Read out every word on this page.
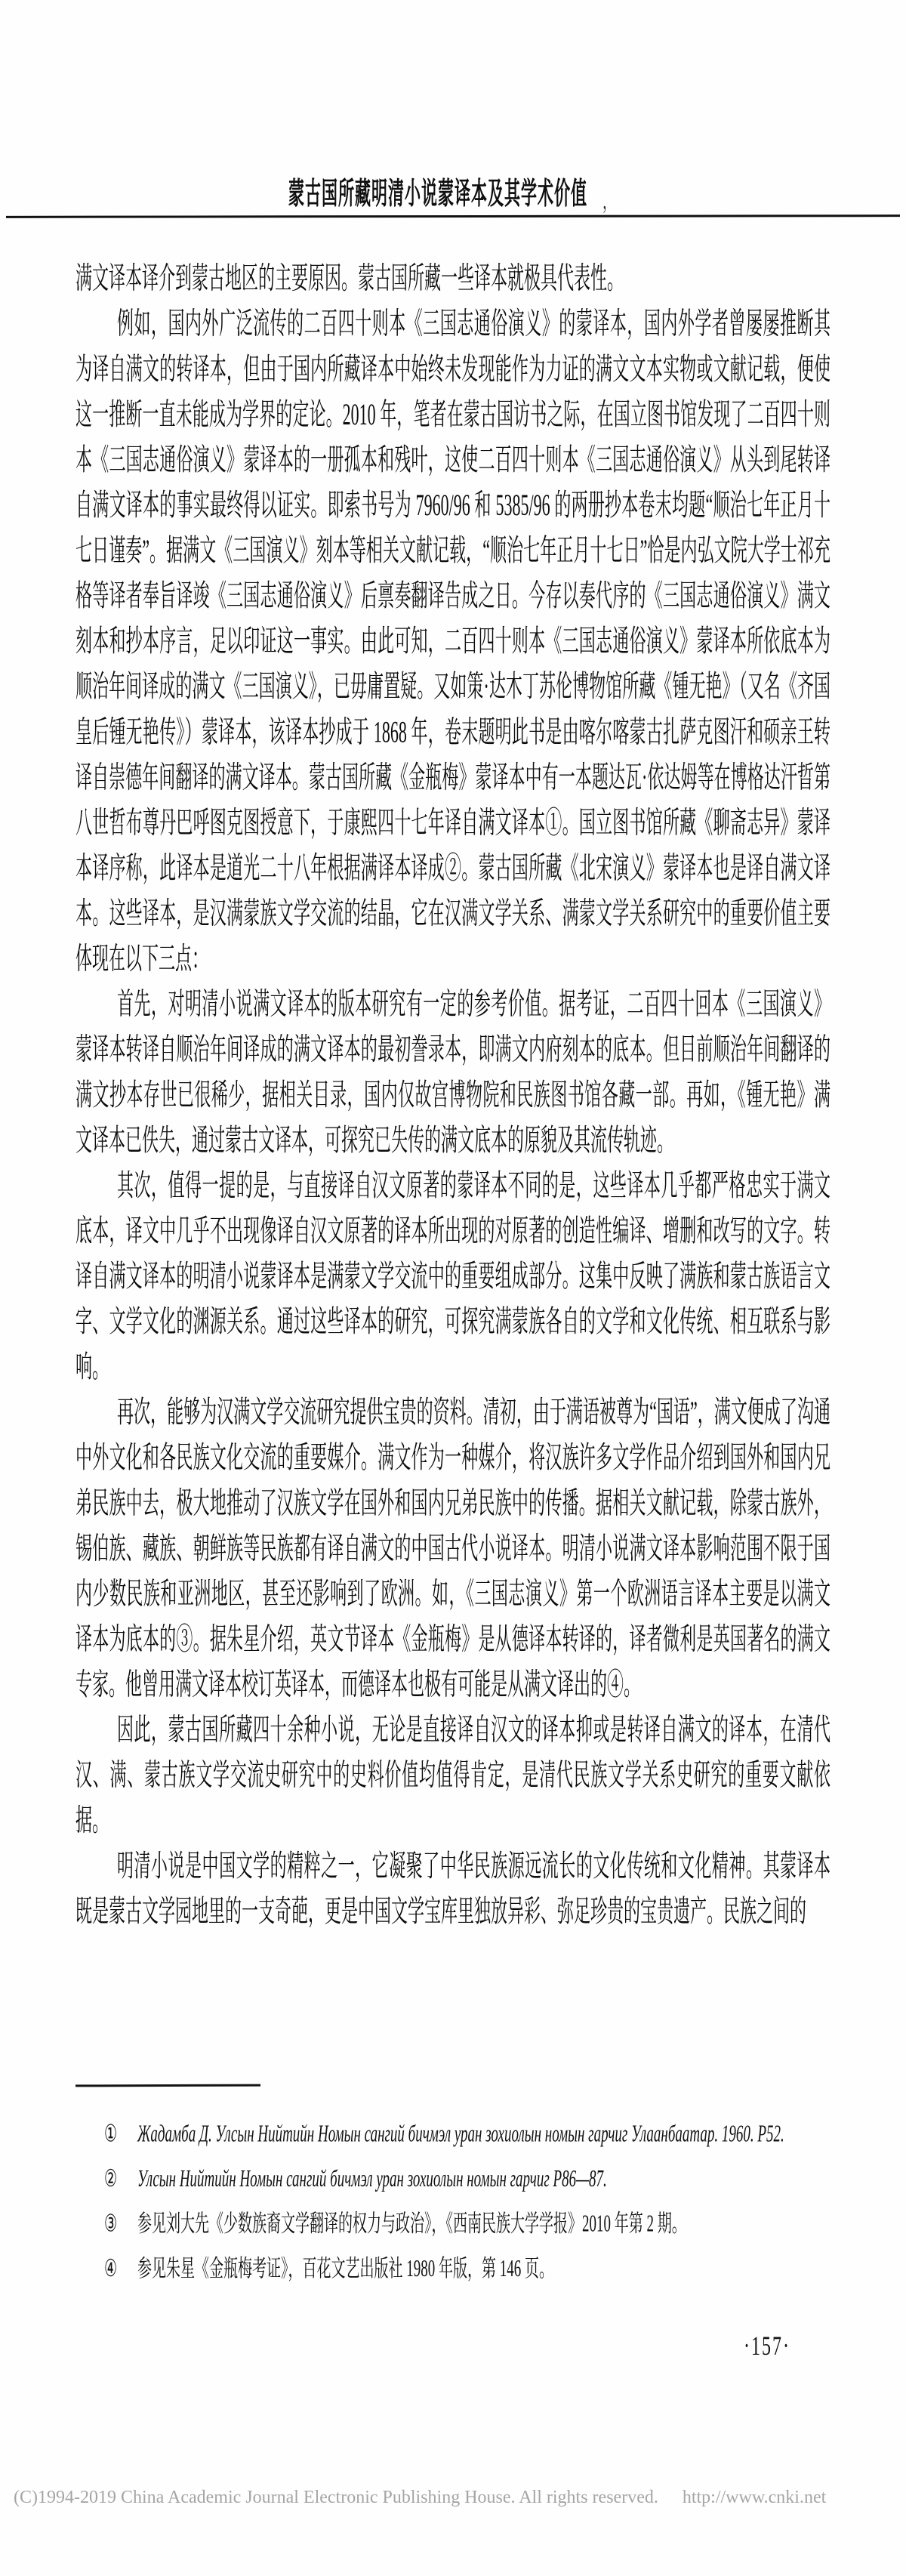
蒙古国所藏明清小说蒙译本及其学术价值	，

满文译本译介到蒙古地区的主要原因。蒙古国所藏一些译本就极具代表性。

例如，国内外广泛流传的二百四十则本《三国志通俗演义》的蒙译本，国内外学者曾屡屡推断其为译自满文的转译本，但由于国内所藏译本中始终未发现能作为力证的满文文本实物或文献记载，便使这一推断一直未能成为学界的定论。2010 年，笔者在蒙古国访书之际，在国立图书馆发现了二百四十则本《三国志通俗演义》蒙译本的一册孤本和残叶，这使二百四十则本《三国志通俗演义》从头到尾转译自满文译本的事实最终得以证实。即索书号为 7960/96 和 5385/96 的两册抄本卷末均题“顺治七年正月十七日谨奏”。据满文《三国演义》刻本等相关文献记载，“顺治七年正月十七日”恰是内弘文院大学士祁充格等译者奉旨译竣《三国志通俗演义》后禀奏翻译告成之日。今存以奏代序的《三国志通俗演义》满文刻本和抄本序言，足以印证这一事实。由此可知，二百四十则本《三国志通俗演义》蒙译本所依底本为顺治年间译成的满文《三国演义》，已毋庸置疑。又如策·达木丁苏伦博物馆所藏《锺无艳》（又名《齐国皇后锺无艳传》）蒙译本，该译本抄成于 1868 年，卷末题明此书是由喀尔喀蒙古扎萨克图汗和硕亲王转译自崇德年间翻译的满文译本。蒙古国所藏《金瓶梅》蒙译本中有一本题达瓦·依达姆等在博格达汗晢第八世哲布尊丹巴呼图克图授意下，于康熙四十七年译自满文译本①。国立图书馆所藏《聊斋志异》蒙译本译序称，此译本是道光二十八年根据满译本译成②。蒙古国所藏《北宋演义》蒙译本也是译自满文译本。这些译本，是汉满蒙族文学交流的结晶，它在汉满文学关系、满蒙文学关系研究中的重要价值主要体现在以下三点：

首先，对明清小说满文译本的版本研究有一定的参考价值。据考证，二百四十回本《三国演义》蒙译本转译自顺治年间译成的满文译本的最初誊录本，即满文内府刻本的底本。但目前顺治年间翻译的满文抄本存世已很稀少，据相关目录，国内仅故宫博物院和民族图书馆各藏一部。再如，《锺无艳》满文译本已佚失，通过蒙古文译本，可探究已失传的满文底本的原貌及其流传轨迹。

其次，值得一提的是，与直接译自汉文原著的蒙译本不同的是，这些译本几乎都严格忠实于满文底本，译文中几乎不出现像译自汉文原著的译本所出现的对原著的创造性编译、增删和改写的文字。转译自满文译本的明清小说蒙译本是满蒙文学交流中的重要组成部分。这集中反映了满族和蒙古族语言文字、文学文化的渊源关系。通过这些译本的研究，可探究满蒙族各自的文学和文化传统、相互联系与影响。

再次，能够为汉满文学交流研究提供宝贵的资料。清初，由于满语被尊为“国语”，满文便成了沟通中外文化和各民族文化交流的重要媒介。满文作为一种媒介，将汉族许多文学作品介绍到国外和国内兄弟民族中去，极大地推动了汉族文学在国外和国内兄弟民族中的传播。据相关文献记载，除蒙古族外，锡伯族、藏族、朝鲜族等民族都有译自满文的中国古代小说译本。明清小说满文译本影响范围不限于国内少数民族和亚洲地区，甚至还影响到了欧洲。如，《三国志演义》第一个欧洲语言译本主要是以满文译本为底本的③。据朱星介绍，英文节译本《金瓶梅》是从德译本转译的，译者微利是英国著名的满文专家。他曾用满文译本校订英译本，而德译本也极有可能是从满文译出的④。

因此，蒙古国所藏四十余种小说，无论是直接译自汉文的译本抑或是转译自满文的译本，在清代汉、满、蒙古族文学交流史研究中的史料价值均值得肯定，是清代民族文学关系史研究的重要文献依据。

明清小说是中国文学的精粹之一，它凝聚了中华民族源远流长的文化传统和文化精神。其蒙译本既是蒙古文学园地里的一支奇葩，更是中国文学宝库里独放异彩、弥足珍贵的宝贵遗产。民族之间的

①	Жадамба Д. Улсын Нийтийн Номын сангий бичмэл уран зохиолын номын гарчиг Улаанбаатар. 1960. P52.
②	Улсын Нийтийн Номын сангий бичмэл уран зохиолын номын гарчиг P86—87.
③	参见刘大先《少数族裔文学翻译的权力与政治》，《西南民族大学学报》2010 年第 2 期。
④	参见朱星《金瓶梅考证》，百花文艺出版社 1980 年版，第 146 页。
·157·
(C)1994-2019 China Academic Journal Electronic Publishing House. All rights reserved. http://www.cnki.net
